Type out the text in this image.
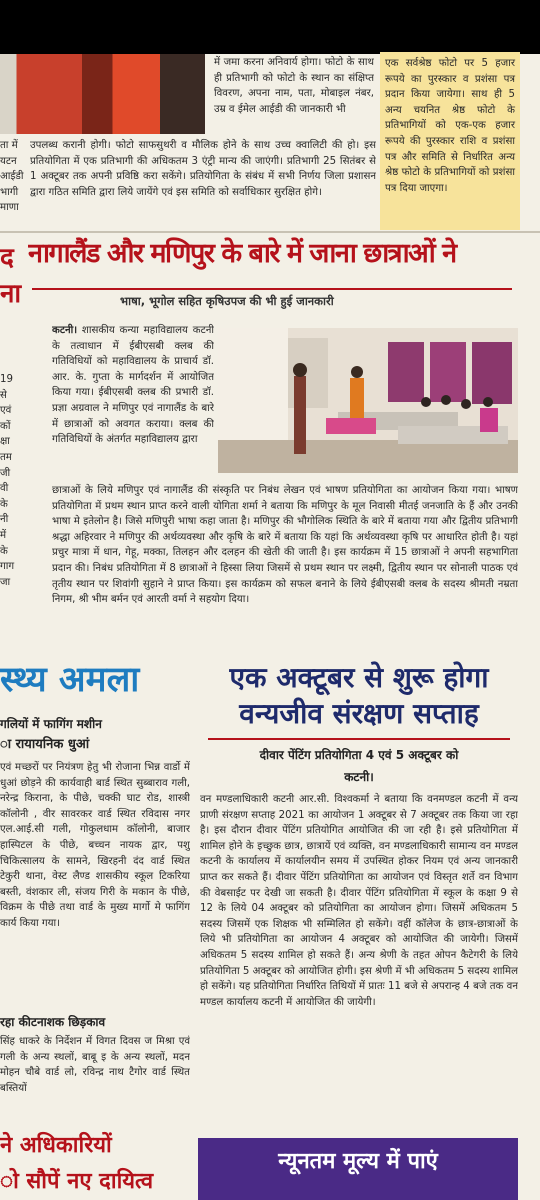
में जमा करना अनिवार्य होगा। फोटो के साथ ही प्रतिभागी को फोटो के स्थान का संक्षिप्त विवरण, अपना नाम, पता, मोबाइल नंबर, उम्र व ईमेल आईडी की जानकारी भी
एक सर्वश्रेष्ठ फोटो पर 5 हजार रूपये का पुरस्कार व प्रशंसा पत्र प्रदान किया जायेगा। साथ ही 5 अन्य चयनित श्रेष्ठ फोटो के प्रतिभागियों को एक-एक हजार रूपये की पुरस्कार राशि व प्रशंसा पत्र और समिति से निर्धारित अन्य श्रेष्ठ फोटो के प्रतिभागियों को प्रशंसा पत्र दिया जाएगा।
ता में
यटन
आईडी
भागी
माणा
उपलब्ध करानी होगी। फोटो साफसुथरी व मौलिक होने के साथ उच्च क्वालिटी की हो। इस प्रतियोगिता में एक प्रतिभागी की अधिकतम 3 एंट्री मान्य की जाएंगी। प्रतिभागी 25 सितंबर से 1 अक्टूबर तक अपनी प्रविष्ठि करा सकेंगे। प्रतियोगिता के संबंध में सभी निर्णय जिला प्रशासन द्वारा गठित समिति द्वारा लिये जायेंगे एवं इस समिति को सर्वाधिकार सुरक्षित होगे।
द
ना
नागालैंड और मणिपुर के बारे में जाना छात्राओं ने
भाषा, भूगोल सहित कृषिउपज की भी हुई जानकारी
19
से
एवं
कों
क्षा
तम
जी
वी
के
नी
में
के
गाग
जा
कटनी। शासकीय कन्या महाविद्यालय कटनी के तत्वाधान में ईबीएसबी क्लब की गतिविधियों को महाविद्यालय के प्राचार्य डॉ. आर. के. गुप्ता के मार्गदर्शन में आयोजित किया गया। ईबीएसबी क्लब की प्रभारी डॉ. प्रज्ञा अग्रवाल ने मणिपुर एवं नागालैंड के बारे में छात्राओं को अवगत कराया। क्लब की गतिविधियों के अंतर्गत महाविद्यालय द्वारा
छात्राओं के लिये मणिपुर एवं नागालैंड की संस्कृति पर निबंध लेखन एवं भाषण प्रतियोगिता का आयोजन किया गया। भाषण प्रतियोगिता में प्रथम स्थान प्राप्त करने वाली योगिता शर्मा ने बताया कि मणिपुर के मूल निवासी मीतई जनजाति के हैं और उनकी भाषा मे इतेलोन है। जिसे मणिपुरी भाषा कहा जाता है। मणिपुर की भौगोलिक स्थिति के बारे में बताया गया और द्वितीय प्रतिभागी श्रद्धा अहिरवार ने मणिपुर की अर्थव्यवस्था और कृषि के बारे में बताया कि यहां कि अर्थव्यवस्था कृषि पर आधारित होती है। यहां प्रचुर मात्रा में धान, गेहू, मक्का, तिलहन और दलहन की खेती की जाती है। इस कार्यक्रम में 15 छात्राओं ने अपनी सहभागिता प्रदान की। निबंध प्रतियोगिता में 8 छात्राओं ने हिस्सा लिया जिसमें से प्रथम स्थान पर लक्ष्मी, द्वितीय स्थान पर सोनाली पाठक एवं तृतीय स्थान पर शिवांगी सुहाने ने प्राप्त किया। इस कार्यक्रम को सफल बनाने के लिये ईबीएसबी क्लब के सदस्य श्रीमती नम्रता निगम, श्री भीम बर्मन एवं आरती वर्मा ने सहयोग दिया।
स्थ्य अमला
गलियों में फागिंग मशीन
ा रायायनिक धुआं
एवं मच्छरों पर नियंत्रण हेतु भी रोजाना भिन्न वार्डो में धुआं छोड़ने की कार्यवाही बार्ड स्थित सुब्बाराव गली, नरेन्द्र किराना, के पीछे, चक्की घाट रोड, शास्त्री कॉलोनी , वीर सावरकर वार्ड स्थित रविदास नगर एल.आई.सी गली, गोकुलधाम कॉलोनी, बाजार हास्पिटल के पीछे, बच्चन नायक द्वार, पशु चिकित्सालय के सामने, खिरहनी दंद वार्ड स्थित टेकुरी थाना, वेस्ट लैण्ड शासकीय स्कूल टिकरिया बस्ती, वंशकार ली, संजय गिरी के मकान के पीछे, विक्रम के पीछे तथा वार्ड के मुख्य मार्गो मे फागिंग कार्य किया गया।
रहा कीटनाशक छिड़काव
सिंह धाकरे के निर्देशन में विगत दिवस ज मिश्रा एवं गली के अन्य स्थलों, बाबू इ के अन्य स्थलों, मदन मोहन चौबे वार्ड लो, रविन्द्र नाथ टैगोर वार्ड स्थित बस्तियों
ने अधिकारियों
ो सौपें नए दायित्व
एक अक्टूबर से शुरू होगा वन्यजीव संरक्षण सप्ताह
दीवार पेंटिंग प्रतियोगिता 4 एवं 5 अक्टूबर को
कटनी।
वन मण्डलाधिकारी कटनी आर.सी. विश्वकर्मा ने बताया कि वनमण्डल कटनी में वन्य प्राणी संरक्षण सप्ताह 2021 का आयोजन 1 अक्टूबर से 7 अक्टूबर तक किया जा रहा है। इस दौरान दीवार पेंटिंग प्रतियोगित आयोजित की जा रही है। इसे प्रतियोगिता में शामिल होने के इच्छुक छात्र, छात्रायें एवं व्यक्ति, वन मण्डलाधिकारी सामान्य वन मण्डल कटनी के कार्यालय में कार्यालयीन समय में उपस्थित होकर नियम एवं अन्य जानकारी प्राप्त कर सकते हैं। दीवार पेंटिंग प्रतियोगिता का आयोजन एवं विस्तृत शर्ते वन विभाग की वेबसाईट पर देखी जा सकती है। दीवार पेंटिंग प्रतियोगिता में स्कूल के कक्षा 9 से 12 के लिये 04 अक्टूबर को प्रतियोगिता का आयोजन होगा। जिसमें अधिकतम 5 सदस्य जिसमें एक शिक्षक भी सम्मिलित हो सकेंगे। वहीं कॉलेज के छात्र-छात्राओं के लिये भी प्रतियोगिता का आयोजन 4 अक्टूबर को आयोजित की जायेगी। जिसमें अधिकतम 5 सदस्य शामिल हो सकते हैं। अन्य श्रेणी के तहत ओपन कैटेगरी के लिये प्रतियोगिता 5 अक्टूबर को आयोजित होगी। इस श्रेणी में भी अधिकतम 5 सदस्य शामिल हो सकेंगे। यह प्रतियोगिता निर्धारित तिथियों में प्रातः 11 बजे से अपरान्ह 4 बजे तक वन मण्डल कार्यालय कटनी में आयोजित की जायेगी।
न्यूनतम मूल्य में पाएं
